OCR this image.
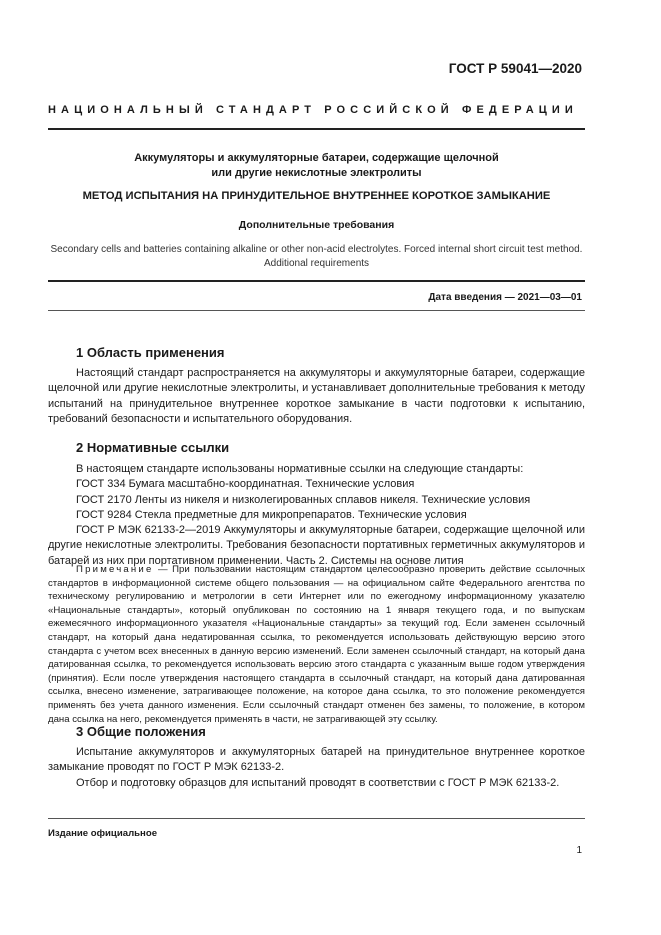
ГОСТ Р 59041—2020
НАЦИОНАЛЬНЫЙ СТАНДАРТ РОССИЙСКОЙ ФЕДЕРАЦИИ
Аккумуляторы и аккумуляторные батареи, содержащие щелочной
или другие некислотные электролиты
МЕТОД ИСПЫТАНИЯ НА ПРИНУДИТЕЛЬНОЕ ВНУТРЕННЕЕ КОРОТКОЕ ЗАМЫКАНИЕ
Дополнительные требования
Secondary cells and batteries containing alkaline or other non-acid electrolytes. Forced internal short circuit test method.
Additional requirements
Дата введения — 2021—03—01
1 Область применения

Настоящий стандарт распространяется на аккумуляторы и аккумуляторные батареи, содержащие щелочной или другие некислотные электролиты, и устанавливает дополнительные требования к методу испытаний на принудительное внутреннее короткое замыкание в части подготовки к испытанию, требований безопасности и испытательного оборудования.

2 Нормативные ссылки

В настоящем стандарте использованы нормативные ссылки на следующие стандарты:

ГОСТ 334 Бумага масштабно-координатная. Технические условия

ГОСТ 2170 Ленты из никеля и низколегированных сплавов никеля. Технические условия

ГОСТ 9284 Стекла предметные для микропрепаратов. Технические условия

ГОСТ Р МЭК 62133-2—2019 Аккумуляторы и аккумуляторные батареи, содержащие щелочной или другие некислотные электролиты. Требования безопасности портативных герметичных аккумуляторов и батарей из них при портативном применении. Часть 2. Системы на основе лития

Примечание — При пользовании настоящим стандартом целесообразно проверить действие ссылочных стандартов в информационной системе общего пользования — на официальном сайте Федерального агентства по техническому регулированию и метрологии в сети Интернет или по ежегодному информационному указателю «Национальные стандарты», который опубликован по состоянию на 1 января текущего года, и по выпускам ежемесячного информационного указателя «Национальные стандарты» за текущий год. Если заменен ссылочный стандарт, на который дана недатированная ссылка, то рекомендуется использовать действующую версию этого стандарта с учетом всех внесенных в данную версию изменений. Если заменен ссылочный стандарт, на который дана датированная ссылка, то рекомендуется использовать версию этого стандарта с указанным выше годом утверждения (принятия). Если после утверждения настоящего стандарта в ссылочный стандарт, на который дана датированная ссылка, внесено изменение, затрагивающее положение, на которое дана ссылка, то это положение рекомендуется применять без учета данного изменения. Если ссылочный стандарт отменен без замены, то положение, в котором дана ссылка на него, рекомендуется применять в части, не затрагивающей эту ссылку.

3 Общие положения

Испытание аккумуляторов и аккумуляторных батарей на принудительное внутреннее короткое замыкание проводят по ГОСТ Р МЭК 62133-2.

Отбор и подготовку образцов для испытаний проводят в соответствии с ГОСТ Р МЭК 62133-2.

Издание официальное
1
